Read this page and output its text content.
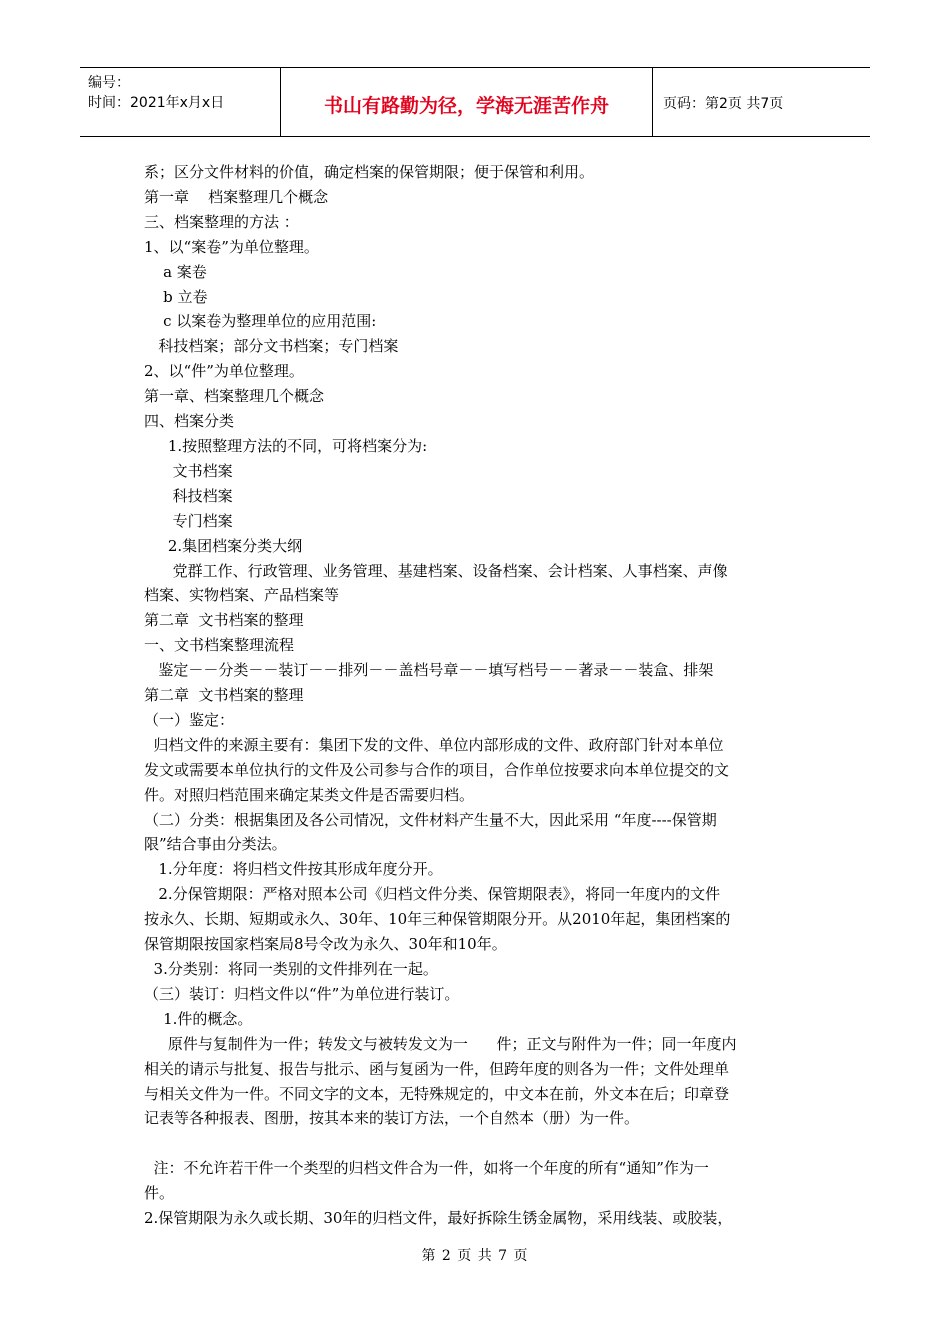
编号：
时间：2021年x月x日	书山有路勤为径，学海无涯苦作舟	页码：第2页 共7页
系；区分文件材料的价值，确定档案的保管期限；便于保管和利用。
第一章    档案整理几个概念
三、档案整理的方法 ：
1、以“案卷”为单位整理。
a 案卷
b 立卷
c 以案卷为整理单位的应用范围:
科技档案；部分文书档案；专门档案
2、以“件”为单位整理。
第一章、档案整理几个概念
四、档案分类
1.按照整理方法的不同，可将档案分为:
文书档案
科技档案
专门档案
2.集团档案分类大纲
党群工作、行政管理、业务管理、基建档案、设备档案、会计档案、人事档案、声像
档案、实物档案、产品档案等
第二章  文书档案的整理
一、文书档案整理流程
鉴定－－分类－－装订－－排列－－盖档号章－－填写档号－－著录－－装盒、排架
第二章  文书档案的整理
（一）鉴定：
归档文件的来源主要有：集团下发的文件、单位内部形成的文件、政府部门针对本单位
发文或需要本单位执行的文件及公司参与合作的项目，合作单位按要求向本单位提交的文
件。对照归档范围来确定某类文件是否需要归档。
（二）分类：根据集团及各公司情况，文件材料产生量不大，因此采用 “年度----保管期
限”结合事由分类法。
1.分年度：将归档文件按其形成年度分开。
2.分保管期限：严格对照本公司《归档文件分类、保管期限表》，将同一年度内的文件
按永久、长期、短期或永久、30年、10年三种保管期限分开。从2010年起，集团档案的
保管期限按国家档案局8号令改为永久、30年和10年。
3.分类别：将同一类别的文件排列在一起。
（三）装订：归档文件以“件”为单位进行装订。
1.件的概念。
原件与复制件为一件；转发文与被转发文为一      件；正文与附件为一件；同一年度内
相关的请示与批复、报告与批示、函与复函为一件，但跨年度的则各为一件；文件处理单
与相关文件为一件。不同文字的文本，无特殊规定的，中文本在前，外文本在后；印章登
记表等各种报表、图册，按其本来的装订方法，一个自然本（册）为一件。

注：不允许若干件一个类型的归档文件合为一件，如将一个年度的所有“通知”作为一
件。
2.保管期限为永久或长期、30年的归档文件，最好拆除生锈金属物，采用线装、或胶装，
第 2 页 共 7 页
